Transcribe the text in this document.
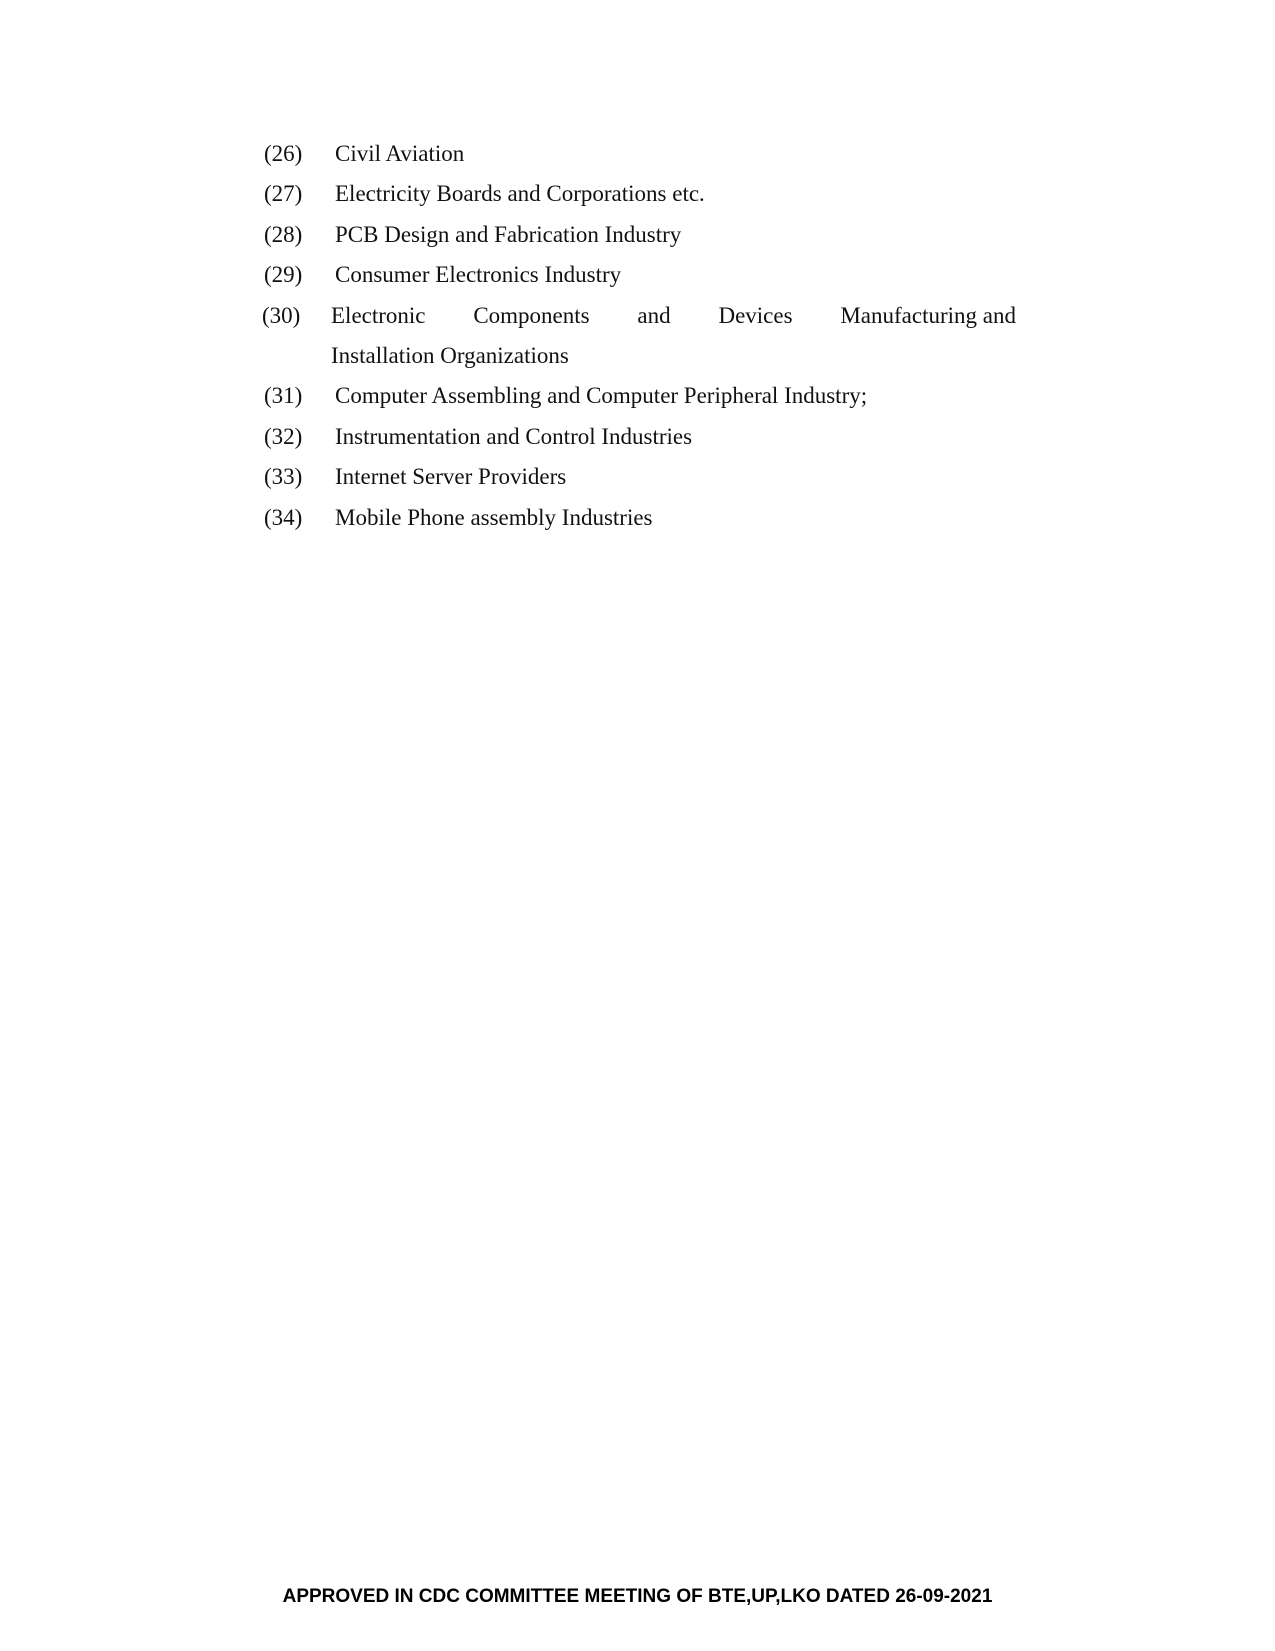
(26)	Civil Aviation
(27)	Electricity Boards and Corporations etc.
(28)	PCB Design and Fabrication Industry
(29)	Consumer Electronics Industry
(30)	Electronic Components and Devices Manufacturing and
Installation Organizations
(31)	Computer Assembling and Computer Peripheral Industry;
(32)	Instrumentation and Control Industries
(33)	Internet Server Providers
(34)	Mobile Phone assembly Industries
APPROVED IN CDC COMMITTEE MEETING OF BTE,UP,LKO DATED 26-09-2021
